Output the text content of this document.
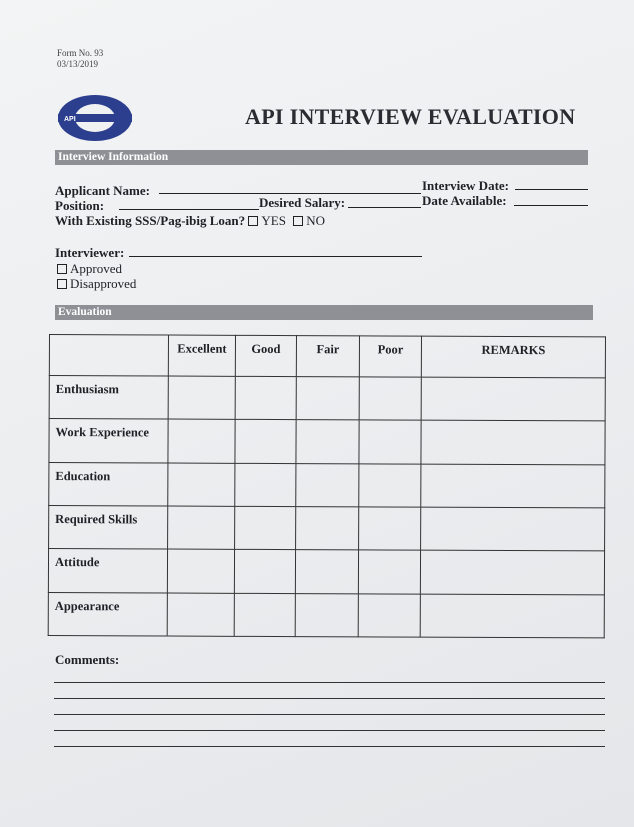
Form No. 93
03/13/2019
API	API INTERVIEW EVALUATION
Interview Information
Applicant Name:	Interview Date:
Position:	Desired Salary:	Date Available:
With Existing SSS/Pag-ibig Loan? YES NO
Interviewer:
Approved
Disapproved
Evaluation
	Excellent	Good	Fair	Poor	REMARKS
Enthusiasm					
Work Experience					
Education					
Required Skills					
Attitude					
Appearance					
Comments:
